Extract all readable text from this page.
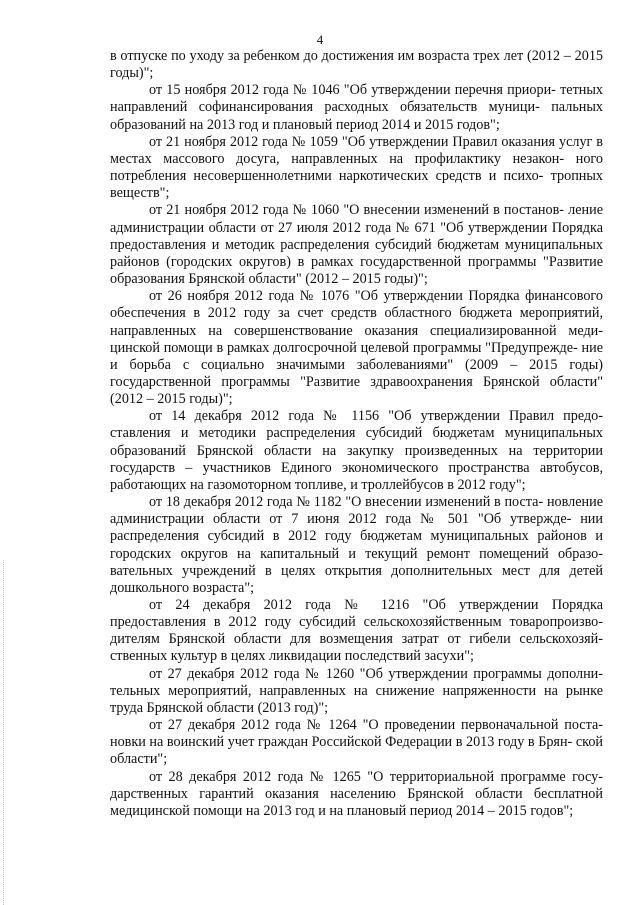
4

в отпуске по уходу за ребенком до достижения им возраста трех лет (2012 – 2015 годы)";

от 15 ноября 2012 года № 1046 "Об утверждении перечня приори- тетных направлений софинансирования расходных обязательств муници- пальных образований на 2013 год и плановый период 2014 и 2015 годов";

от 21 ноября 2012 года № 1059 "Об утверждении Правил оказания услуг в местах массового досуга, направленных на профилактику незакон- ного потребления несовершеннолетними наркотических средств и психо- тропных веществ";

от 21 ноября 2012 года № 1060 "О внесении изменений в постанов- ление администрации области от 27 июля 2012 года № 671 "Об утверждении Порядка предоставления и методик распределения субсидий бюджетам муниципальных районов (городских округов) в рамках государственной программы "Развитие образования Брянской области" (2012 – 2015 годы)";

от 26 ноября 2012 года № 1076 "Об утверждении Порядка финансового обеспечения в 2012 году за счет средств областного бюджета мероприятий, направленных на совершенствование оказания специализированной меди- цинской помощи в рамках долгосрочной целевой программы "Предупрежде- ние и борьба с социально значимыми заболеваниями" (2009 – 2015 годы) государственной программы "Развитие здравоохранения Брянской области" (2012 – 2015 годы)";

от 14 декабря 2012 года № 1156 "Об утверждении Правил предо- ставления и методики распределения субсидий бюджетам муниципальных образований Брянской области на закупку произведенных на территории государств – участников Единого экономического пространства автобусов, работающих на газомоторном топливе, и троллейбусов в 2012 году";

от 18 декабря 2012 года № 1182 "О внесении изменений в поста- новление администрации области от 7 июня 2012 года № 501 "Об утвержде- нии распределения субсидий в 2012 году бюджетам муниципальных районов и городских округов на капитальный и текущий ремонт помещений образо- вательных учреждений в целях открытия дополнительных мест для детей дошкольного возраста";

от 24 декабря 2012 года № 1216 "Об утверждении Порядка предоставления в 2012 году субсидий сельскохозяйственным товаропроизво- дителям Брянской области для возмещения затрат от гибели сельскохозяй- ственных культур в целях ликвидации последствий засухи";

от 27 декабря 2012 года № 1260 "Об утверждении программы дополни- тельных мероприятий, направленных на снижение напряженности на рынке труда Брянской области (2013 год)";

от 27 декабря 2012 года № 1264 "О проведении первоначальной поста- новки на воинский учет граждан Российской Федерации в 2013 году в Брян- ской области";

от 28 декабря 2012 года № 1265 "О территориальной программе госу- дарственных гарантий оказания населению Брянской области бесплатной медицинской помощи на 2013 год и на плановый период 2014 – 2015 годов";
